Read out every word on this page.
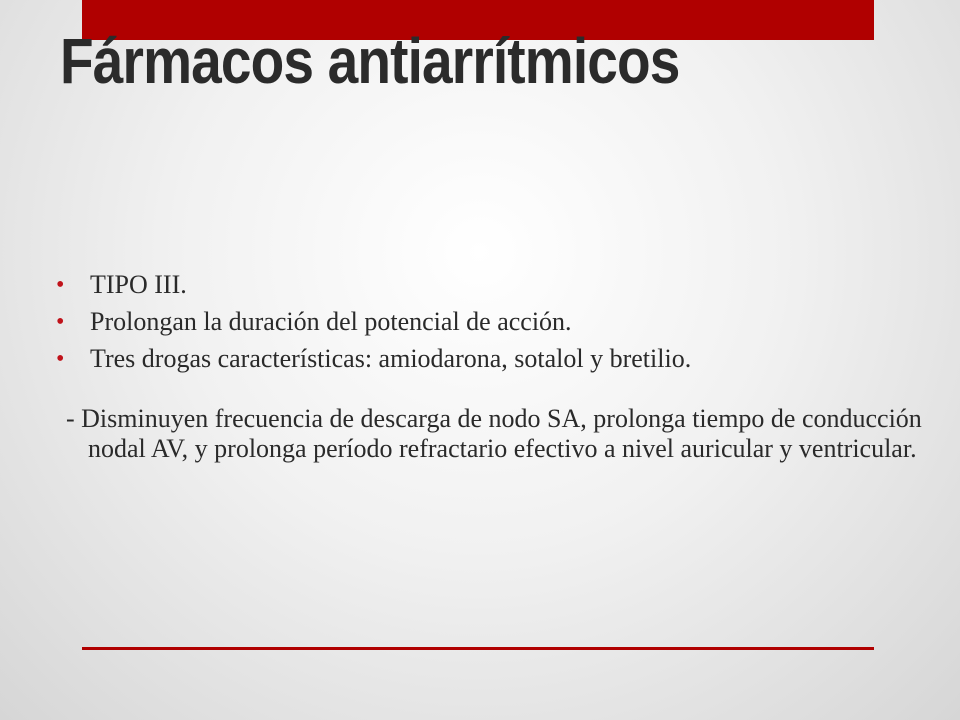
Fármacos antiarrítmicos
• TIPO III.
• Prolongan la duración del potencial de acción.
• Tres drogas características: amiodarona, sotalol y bretilio.
- Disminuyen frecuencia de descarga de nodo SA, prolonga tiempo de conducción nodal AV, y prolonga período refractario efectivo a nivel auricular y ventricular.
